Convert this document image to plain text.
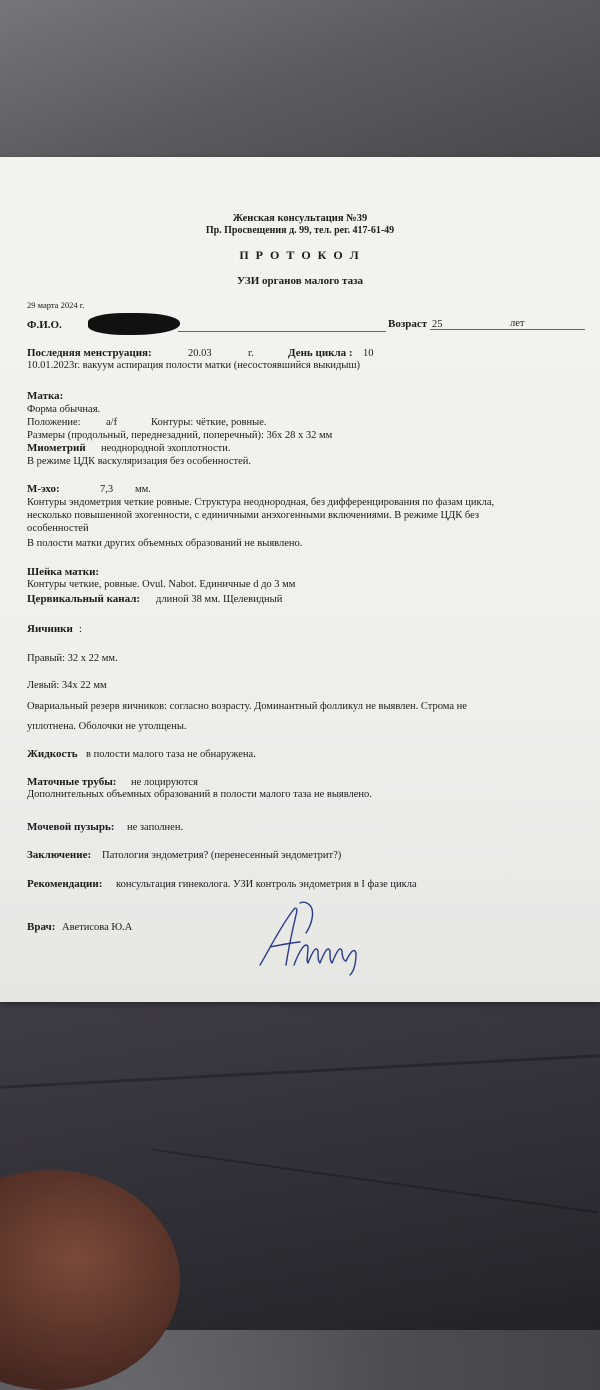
Женская консультация №39
Пр. Просвещения д. 99, тел. рег. 417-61-49
П Р О Т О К О Л
УЗИ органов малого таза
29 марта 2024 г.
Ф.И.О.	Возраст 25	лет
Последняя менструация:	20.03	г.	День цикла : 10
10.01.2023г. вакуум аспирация полости матки (несостоявшийся выкидыш)
Матка:
Форма обычная.
Положение: a/f	Контуры: чёткие, ровные.
Размеры (продольный, переднезадний, поперечный): 36х 28 х 32 мм
Миометрий неоднородной эхоплотности.
В режиме ЦДК васкуляризация без особенностей.
М-эхо:	7,3 мм.
Контуры эндометрия четкие ровные. Структура неоднородная, без дифференцирования по фазам цикла,
несколько повышенной эхогенности, с единичными анэхогенными включениями. В режиме ЦДК без
особенностей
В полости матки других объемных образований не выявлено.
Шейка матки:
Контуры четкие, ровные. Ovul. Nabot. Единичные d до 3 мм
Цервикальный канал: длиной 38 мм. Щелевидный
Яичники :
Правый: 32 х 22 мм.
Левый: 34х 22 мм
Овариальный резерв яичников: согласно возрасту. Доминантный фолликул не выявлен. Строма не
уплотнена. Оболочки не утолщены.
Жидкость в полости малого таза не обнаружена.
Маточные трубы: не лоцируются
Дополнительных объемных образований в полости малого таза не выявлено.
Мочевой пузырь: не заполнен.
Заключение: Патология эндометрия? (перенесенный эндометрит?)
Рекомендации: консультация гинеколога. УЗИ контроль эндометрия в I фазе цикла
Врач: Аветисова Ю.А
